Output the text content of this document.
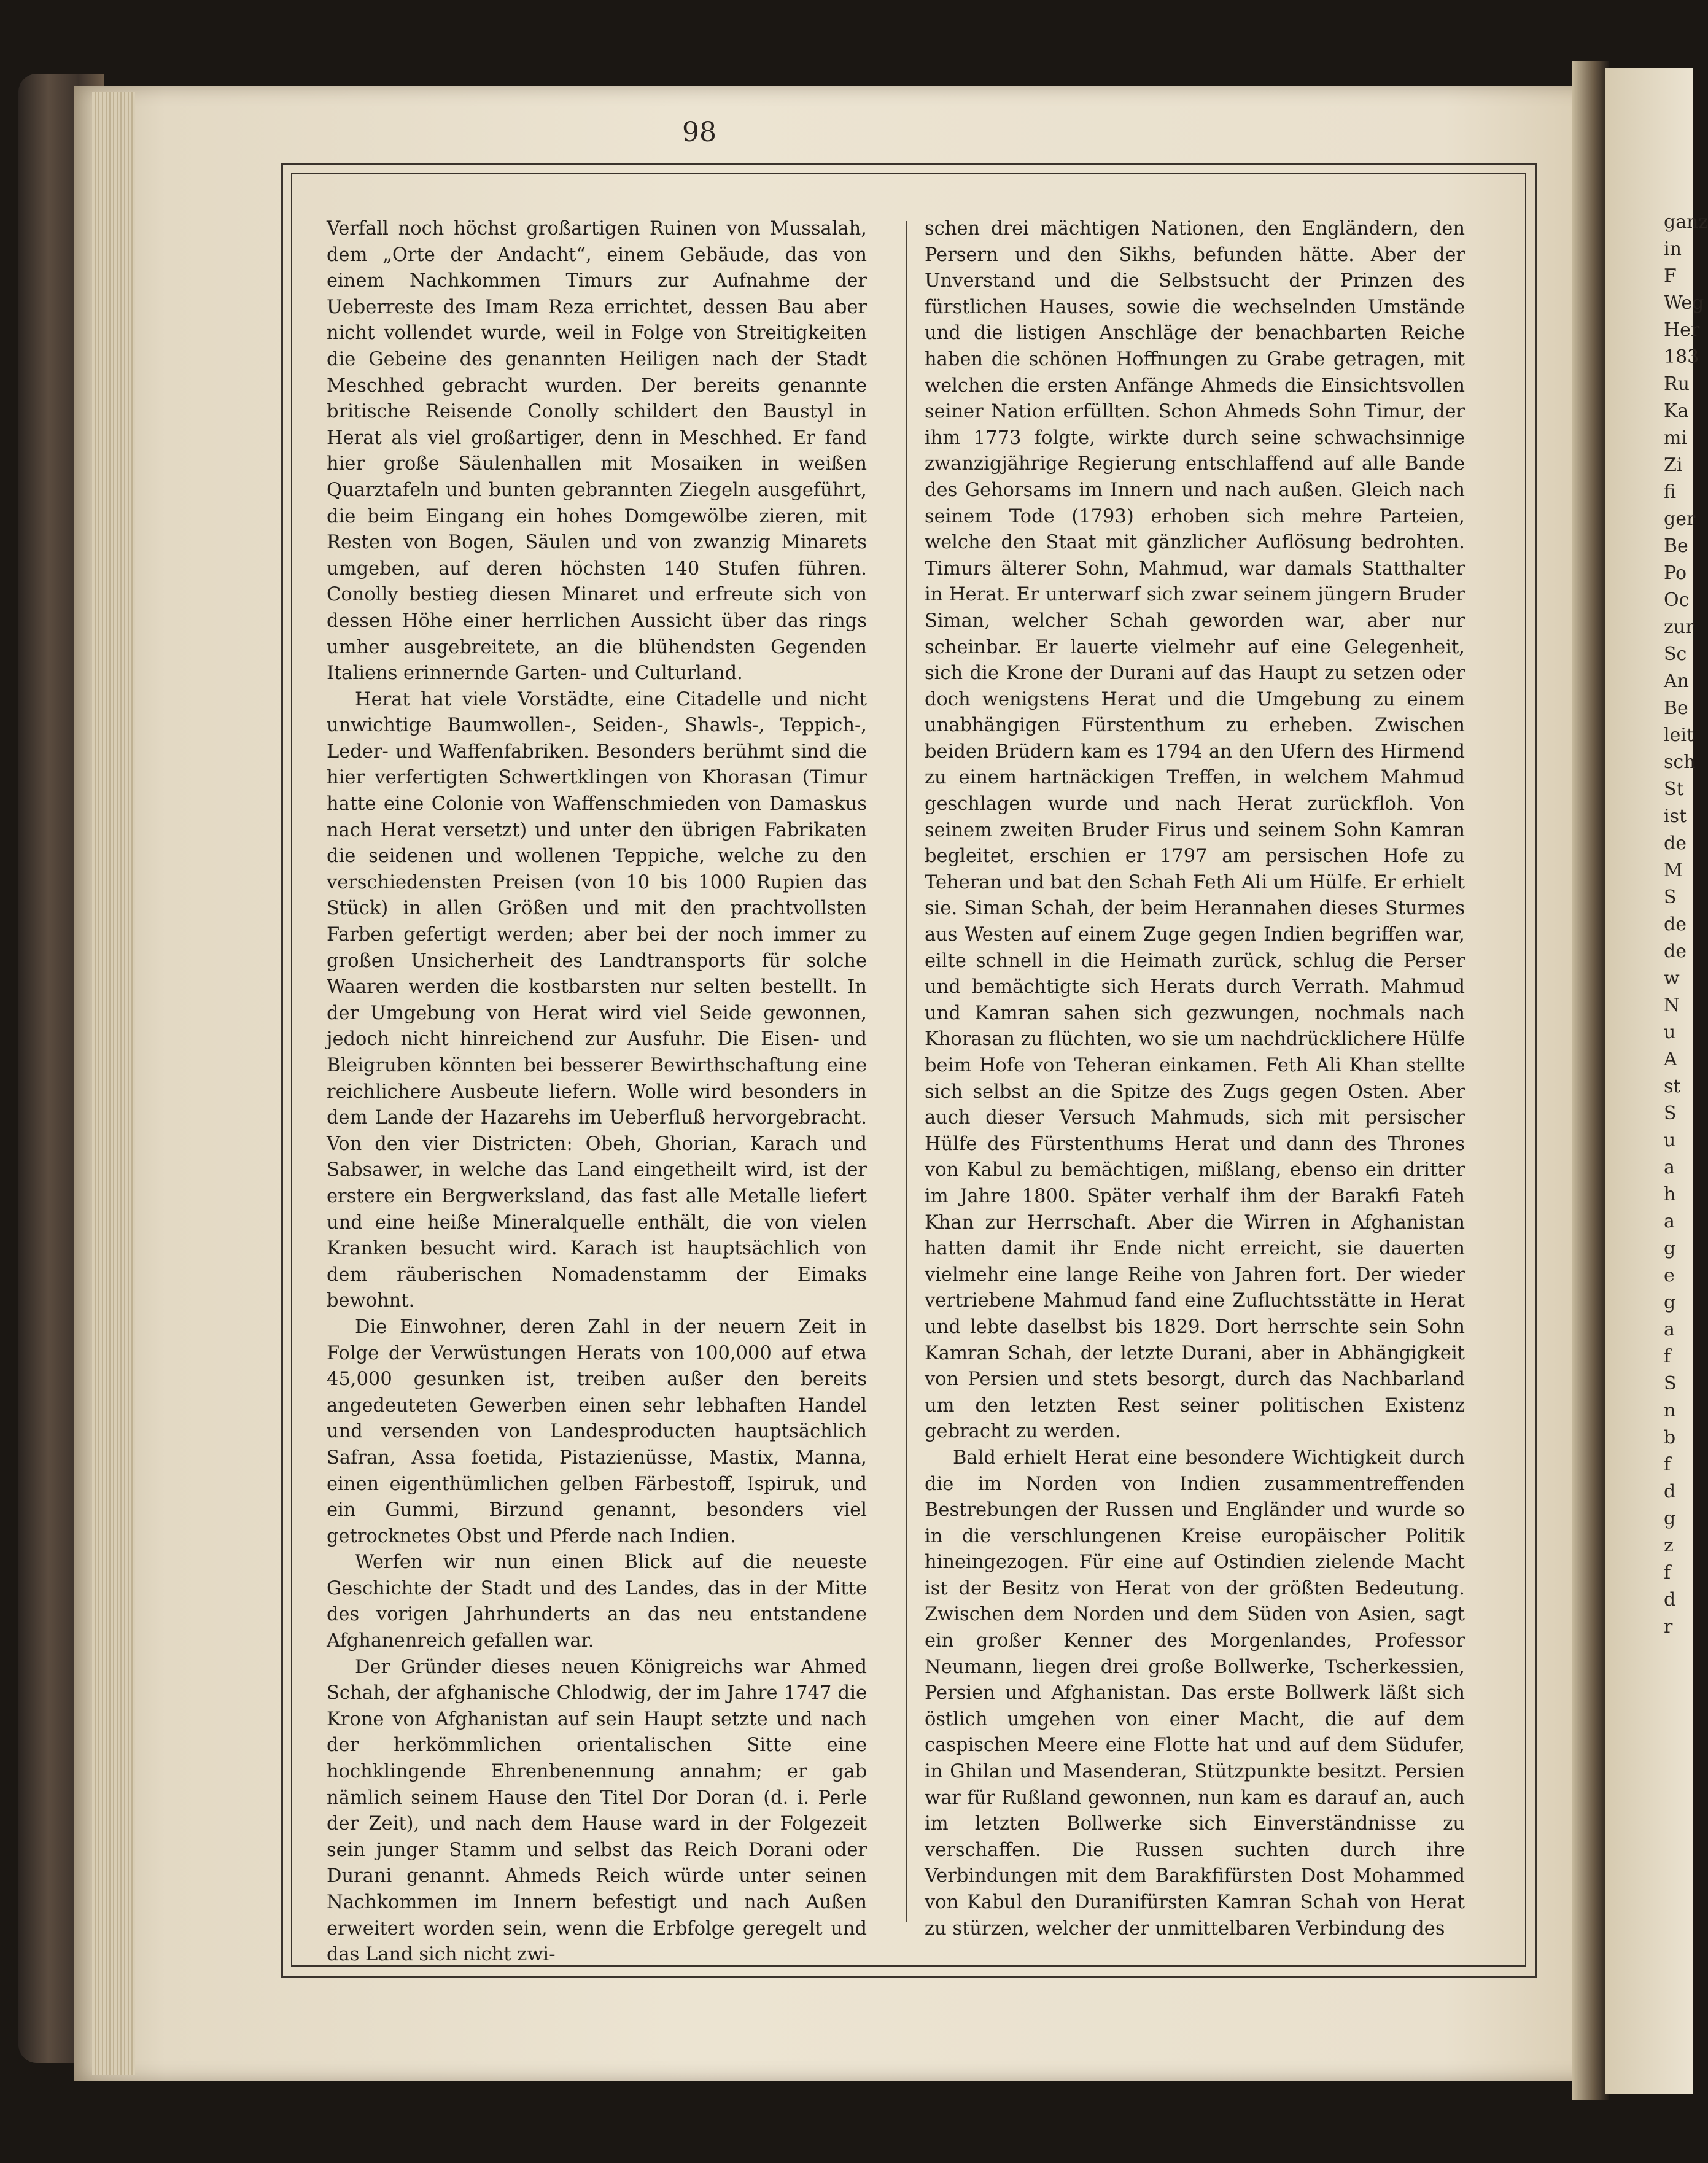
98

Verfall noch höchst großartigen Ruinen von Mussalah, dem „Orte der Andacht“, einem Gebäude, das von einem Nachkommen Timurs zur Aufnahme der Ueberreste des Imam Reza errichtet, dessen Bau aber nicht vollendet wurde, weil in Folge von Streitigkeiten die Gebeine des genannten Heiligen nach der Stadt Meschhed gebracht wurden. Der bereits genannte britische Reisende Conolly schildert den Baustyl in Herat als viel großartiger, denn in Meschhed. Er fand hier große Säulenhallen mit Mosaiken in weißen Quarztafeln und bunten gebrannten Ziegeln ausgeführt, die beim Eingang ein hohes Domgewölbe zieren, mit Resten von Bogen, Säulen und von zwanzig Minarets umgeben, auf deren höchsten 140 Stufen führen. Conolly bestieg diesen Minaret und erfreute sich von dessen Höhe einer herrlichen Aussicht über das rings umher ausgebreitete, an die blühendsten Gegenden Italiens erinnernde Garten- und Culturland.

Herat hat viele Vorstädte, eine Citadelle und nicht unwichtige Baumwollen-, Seiden-, Shawls-, Teppich-, Leder- und Waffenfabriken. Besonders berühmt sind die hier verfertigten Schwertklingen von Khorasan (Timur hatte eine Colonie von Waffenschmieden von Damaskus nach Herat versetzt) und unter den übrigen Fabrikaten die seidenen und wollenen Teppiche, welche zu den verschiedensten Preisen (von 10 bis 1000 Rupien das Stück) in allen Größen und mit den prachtvollsten Farben gefertigt werden; aber bei der noch immer zu großen Unsicherheit des Landtransports für solche Waaren werden die kostbarsten nur selten bestellt. In der Umgebung von Herat wird viel Seide gewonnen, jedoch nicht hinreichend zur Ausfuhr. Die Eisen- und Bleigruben könnten bei besserer Bewirthschaftung eine reichlichere Ausbeute liefern. Wolle wird besonders in dem Lande der Hazarehs im Ueberfluß hervorgebracht. Von den vier Districten: Obeh, Ghorian, Karach und Sabsawer, in welche das Land eingetheilt wird, ist der erstere ein Bergwerksland, das fast alle Metalle liefert und eine heiße Mineralquelle enthält, die von vielen Kranken besucht wird. Karach ist hauptsächlich von dem räuberischen Nomadenstamm der Eimaks bewohnt.

Die Einwohner, deren Zahl in der neuern Zeit in Folge der Verwüstungen Herats von 100,000 auf etwa 45,000 gesunken ist, treiben außer den bereits angedeuteten Gewerben einen sehr lebhaften Handel und versenden von Landesproducten hauptsächlich Safran, Assa foetida, Pistazienüsse, Mastix, Manna, einen eigenthümlichen gelben Färbestoff, Ispiruk, und ein Gummi, Birzund genannt, besonders viel getrocknetes Obst und Pferde nach Indien.

Werfen wir nun einen Blick auf die neueste Geschichte der Stadt und des Landes, das in der Mitte des vorigen Jahrhunderts an das neu entstandene Afghanenreich gefallen war.

Der Gründer dieses neuen Königreichs war Ahmed Schah, der afghanische Chlodwig, der im Jahre 1747 die Krone von Afghanistan auf sein Haupt setzte und nach der herkömmlichen orientalischen Sitte eine hochklingende Ehrenbenennung annahm; er gab nämlich seinem Hause den Titel Dor Doran (d. i. Perle der Zeit), und nach dem Hause ward in der Folgezeit sein junger Stamm und selbst das Reich Dorani oder Durani genannt. Ahmeds Reich würde unter seinen Nachkommen im Innern befestigt und nach Außen erweitert worden sein, wenn die Erbfolge geregelt und das Land sich nicht zwi-

schen drei mächtigen Nationen, den Engländern, den Persern und den Sikhs, befunden hätte. Aber der Unverstand und die Selbstsucht der Prinzen des fürstlichen Hauses, sowie die wechselnden Umstände und die listigen Anschläge der benachbarten Reiche haben die schönen Hoffnungen zu Grabe getragen, mit welchen die ersten Anfänge Ahmeds die Einsichtsvollen seiner Nation erfüllten. Schon Ahmeds Sohn Timur, der ihm 1773 folgte, wirkte durch seine schwachsinnige zwanzigjährige Regierung entschlaffend auf alle Bande des Gehorsams im Innern und nach außen. Gleich nach seinem Tode (1793) erhoben sich mehre Parteien, welche den Staat mit gänzlicher Auflösung bedrohten. Timurs älterer Sohn, Mahmud, war damals Statthalter in Herat. Er unterwarf sich zwar seinem jüngern Bruder Siman, welcher Schah geworden war, aber nur scheinbar. Er lauerte vielmehr auf eine Gelegenheit, sich die Krone der Durani auf das Haupt zu setzen oder doch wenigstens Herat und die Umgebung zu einem unabhängigen Fürstenthum zu erheben. Zwischen beiden Brüdern kam es 1794 an den Ufern des Hirmend zu einem hartnäckigen Treffen, in welchem Mahmud geschlagen wurde und nach Herat zurückfloh. Von seinem zweiten Bruder Firus und seinem Sohn Kamran begleitet, erschien er 1797 am persischen Hofe zu Teheran und bat den Schah Feth Ali um Hülfe. Er erhielt sie. Siman Schah, der beim Herannahen dieses Sturmes aus Westen auf einem Zuge gegen Indien begriffen war, eilte schnell in die Heimath zurück, schlug die Perser und bemächtigte sich Herats durch Verrath. Mahmud und Kamran sahen sich gezwungen, nochmals nach Khorasan zu flüchten, wo sie um nachdrücklichere Hülfe beim Hofe von Teheran einkamen. Feth Ali Khan stellte sich selbst an die Spitze des Zugs gegen Osten. Aber auch dieser Versuch Mahmuds, sich mit persischer Hülfe des Fürstenthums Herat und dann des Thrones von Kabul zu bemächtigen, mißlang, ebenso ein dritter im Jahre 1800. Später verhalf ihm der Barakfi Fateh Khan zur Herrschaft. Aber die Wirren in Afghanistan hatten damit ihr Ende nicht erreicht, sie dauerten vielmehr eine lange Reihe von Jahren fort. Der wieder vertriebene Mahmud fand eine Zufluchtsstätte in Herat und lebte daselbst bis 1829. Dort herrschte sein Sohn Kamran Schah, der letzte Durani, aber in Abhängigkeit von Persien und stets besorgt, durch das Nachbarland um den letzten Rest seiner politischen Existenz gebracht zu werden.

Bald erhielt Herat eine besondere Wichtigkeit durch die im Norden von Indien zusammentreffenden Bestrebungen der Russen und Engländer und wurde so in die verschlungenen Kreise europäischer Politik hineingezogen. Für eine auf Ostindien zielende Macht ist der Besitz von Herat von der größten Bedeutung. Zwischen dem Norden und dem Süden von Asien, sagt ein großer Kenner des Morgenlandes, Professor Neumann, liegen drei große Bollwerke, Tscherkessien, Persien und Afghanistan. Das erste Bollwerk läßt sich östlich umgehen von einer Macht, die auf dem caspischen Meere eine Flotte hat und auf dem Südufer, in Ghilan und Masenderan, Stützpunkte besitzt. Persien war für Rußland gewonnen, nun kam es darauf an, auch im letzten Bollwerke sich Einverständnisse zu verschaffen. Die Russen suchten durch ihre Verbindungen mit dem Barakfifürsten Dost Mohammed von Kabul den Duranifürsten Kamran Schah von Herat zu stürzen, welcher der unmittelbaren Verbindung des

ganz
in F
Weg
Her
183
Ru
Ka
mi
Zi
fi
ger
Be
Po
Oc
zur
Sc
An
Be
leit
sch
St
ist
de
M
S
de
de
w
N
u
A
st
S
u
a
h
a
g
e
g
a
f
S
n
b
f
d
g
z
f
d
r
